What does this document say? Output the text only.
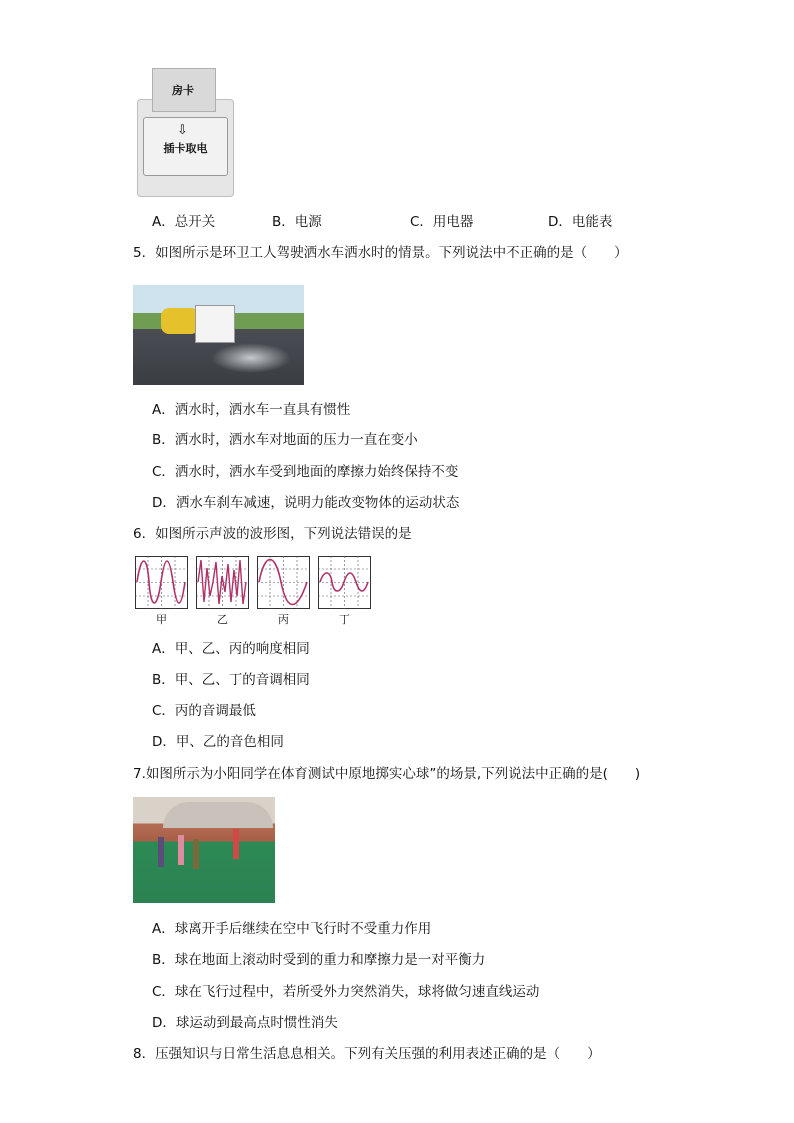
房卡
⇩
插卡取电
A．总开关	B．电源	C．用电器	D．电能表
5．如图所示是环卫工人驾驶洒水车洒水时的情景。下列说法中不正确的是（　　）
A．洒水时，洒水车一直具有惯性
B．洒水时，洒水车对地面的压力一直在变小
C．洒水时，洒水车受到地面的摩擦力始终保持不变
D．洒水车刹车减速，说明力能改变物体的运动状态
6．如图所示声波的波形图，下列说法错误的是
甲	乙	丙	丁
A．甲、乙、丙的响度相同
B．甲、乙、丁的音调相同
C．丙的音调最低
D．甲、乙的音色相同
7.如图所示为小阳同学在体育测试中原地掷实心球”的场景,下列说法中正确的是(　　)
A．球离开手后继续在空中飞行时不受重力作用
B．球在地面上滚动时受到的重力和摩擦力是一对平衡力
C．球在飞行过程中，若所受外力突然消失，球将做匀速直线运动
D．球运动到最高点时惯性消失
8．压强知识与日常生活息息相关。下列有关压强的利用表述正确的是（　　）
